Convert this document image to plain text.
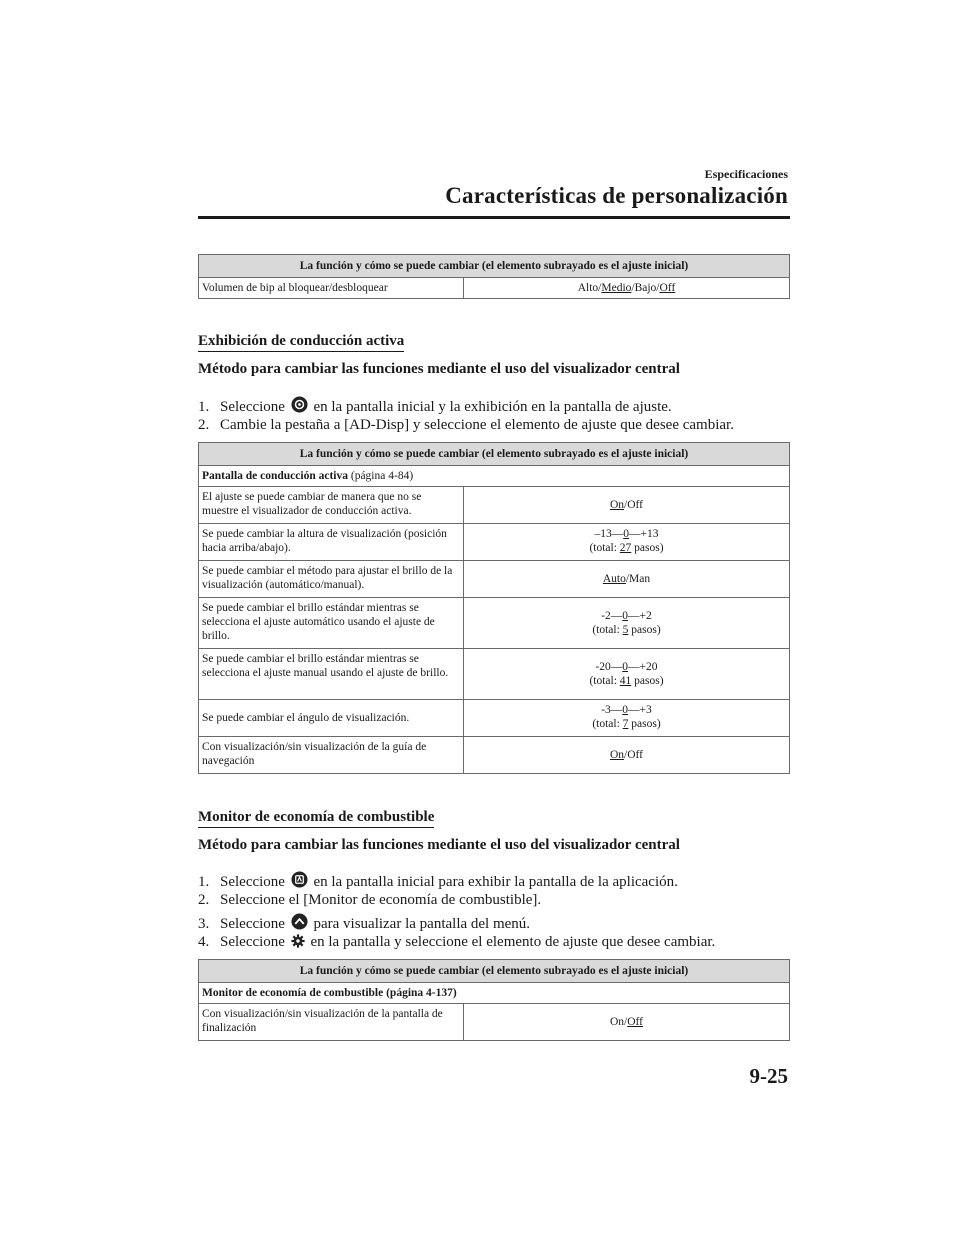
Especificaciones
Características de personalización
La función y cómo se puede cambiar (el elemento subrayado es el ajuste inicial)
Volumen de bip al bloquear/desbloquear	Alto/Medio/Bajo/Off
Exhibición de conducción activa
Método para cambiar las funciones mediante el uso del visualizador central
1. Seleccione en la pantalla inicial y la exhibición en la pantalla de ajuste.
2. Cambie la pestaña a [AD-Disp] y seleccione el elemento de ajuste que desee cambiar.
La función y cómo se puede cambiar (el elemento subrayado es el ajuste inicial)	
Pantalla de conducción activa (página 4-84)	
El ajuste se puede cambiar de manera que no se muestre el visualizador de conducción activa.	On/Off
Se puede cambiar la altura de visualización (posición hacia arriba/abajo).	–13—0—+13
(total: 27 pasos)

Se puede cambiar el método para ajustar el brillo de la visualización (automático/manual).	Auto/Man
Se puede cambiar el brillo estándar mientras se selecciona el ajuste automático usando el ajuste de brillo.	-2—0—+2
(total: 5 pasos)

Se puede cambiar el brillo estándar mientras se selecciona el ajuste manual usando el ajuste de brillo.	-20—0—+20
(total: 41 pasos)

Se puede cambiar el ángulo de visualización.	-3—0—+3
(total: 7 pasos)

Con visualización/sin visualización de la guía de navegación	On/Off
Monitor de economía de combustible
Método para cambiar las funciones mediante el uso del visualizador central
1. Seleccione en la pantalla inicial para exhibir la pantalla de la aplicación.
2. Seleccione el [Monitor de economía de combustible].
3. Seleccione para visualizar la pantalla del menú.
4. Seleccione en la pantalla y seleccione el elemento de ajuste que desee cambiar.
La función y cómo se puede cambiar (el elemento subrayado es el ajuste inicial)
Monitor de economía de combustible (página 4-137)
Con visualización/sin visualización de la pantalla de finalización	On/Off
9-25
